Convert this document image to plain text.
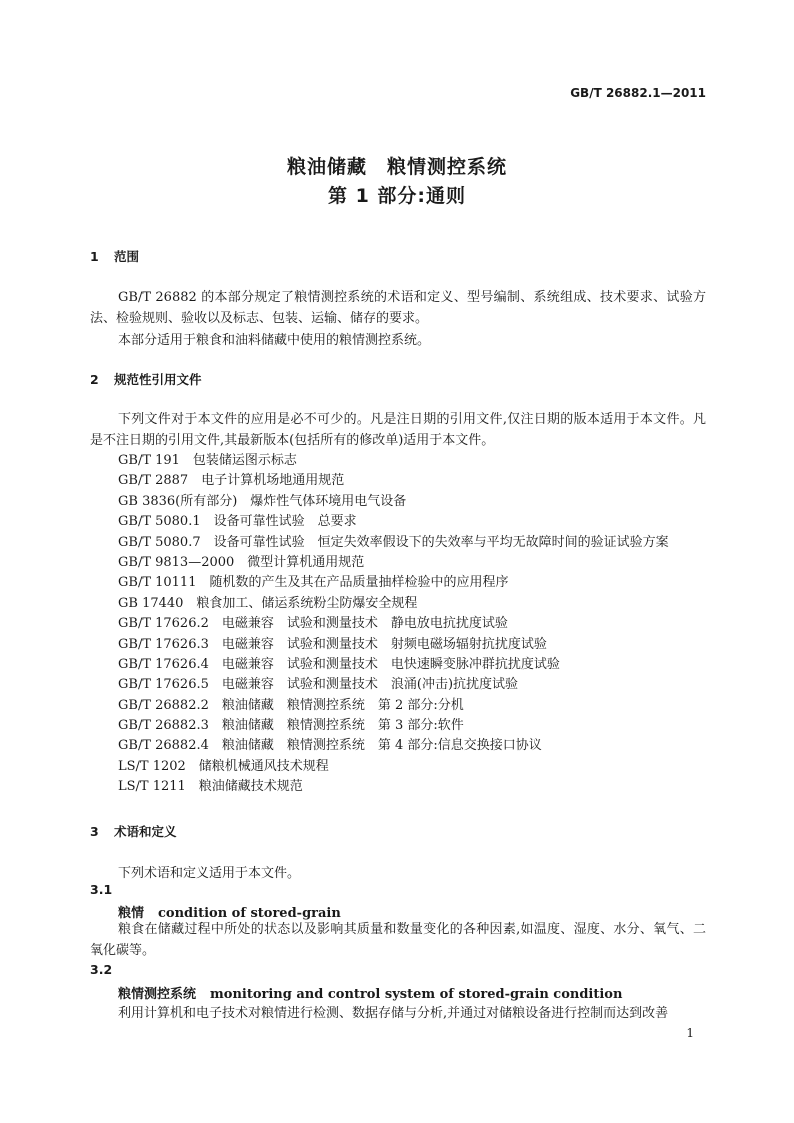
GB/T 26882.1—2011
粮油储藏　粮情测控系统
第 1 部分:通则
1 范围
GB/T 26882 的本部分规定了粮情测控系统的术语和定义、型号编制、系统组成、技术要求、试验方法、检验规则、验收以及标志、包装、运输、储存的要求。
本部分适用于粮食和油料储藏中使用的粮情测控系统。
2 规范性引用文件
下列文件对于本文件的应用是必不可少的。凡是注日期的引用文件,仅注日期的版本适用于本文件。凡是不注日期的引用文件,其最新版本(包括所有的修改单)适用于本文件。
GB/T 191　包装储运图示标志
GB/T 2887　电子计算机场地通用规范
GB 3836(所有部分)　爆炸性气体环境用电气设备
GB/T 5080.1　设备可靠性试验　总要求
GB/T 5080.7　设备可靠性试验　恒定失效率假设下的失效率与平均无故障时间的验证试验方案
GB/T 9813—2000　微型计算机通用规范
GB/T 10111　随机数的产生及其在产品质量抽样检验中的应用程序
GB 17440　粮食加工、储运系统粉尘防爆安全规程
GB/T 17626.2　电磁兼容　试验和测量技术　静电放电抗扰度试验
GB/T 17626.3　电磁兼容　试验和测量技术　射频电磁场辐射抗扰度试验
GB/T 17626.4　电磁兼容　试验和测量技术　电快速瞬变脉冲群抗扰度试验
GB/T 17626.5　电磁兼容　试验和测量技术　浪涌(冲击)抗扰度试验
GB/T 26882.2　粮油储藏　粮情测控系统　第 2 部分:分机
GB/T 26882.3　粮油储藏　粮情测控系统　第 3 部分:软件
GB/T 26882.4　粮油储藏　粮情测控系统　第 4 部分:信息交换接口协议
LS/T 1202　储粮机械通风技术规程
LS/T 1211　粮油储藏技术规范
3 术语和定义
下列术语和定义适用于本文件。
3.1
粮情 condition of stored-grain
粮食在储藏过程中所处的状态以及影响其质量和数量变化的各种因素,如温度、湿度、水分、氧气、二氧化碳等。
3.2
粮情测控系统 monitoring and control system of stored-grain condition
利用计算机和电子技术对粮情进行检测、数据存储与分析,并通过对储粮设备进行控制而达到改善
1
